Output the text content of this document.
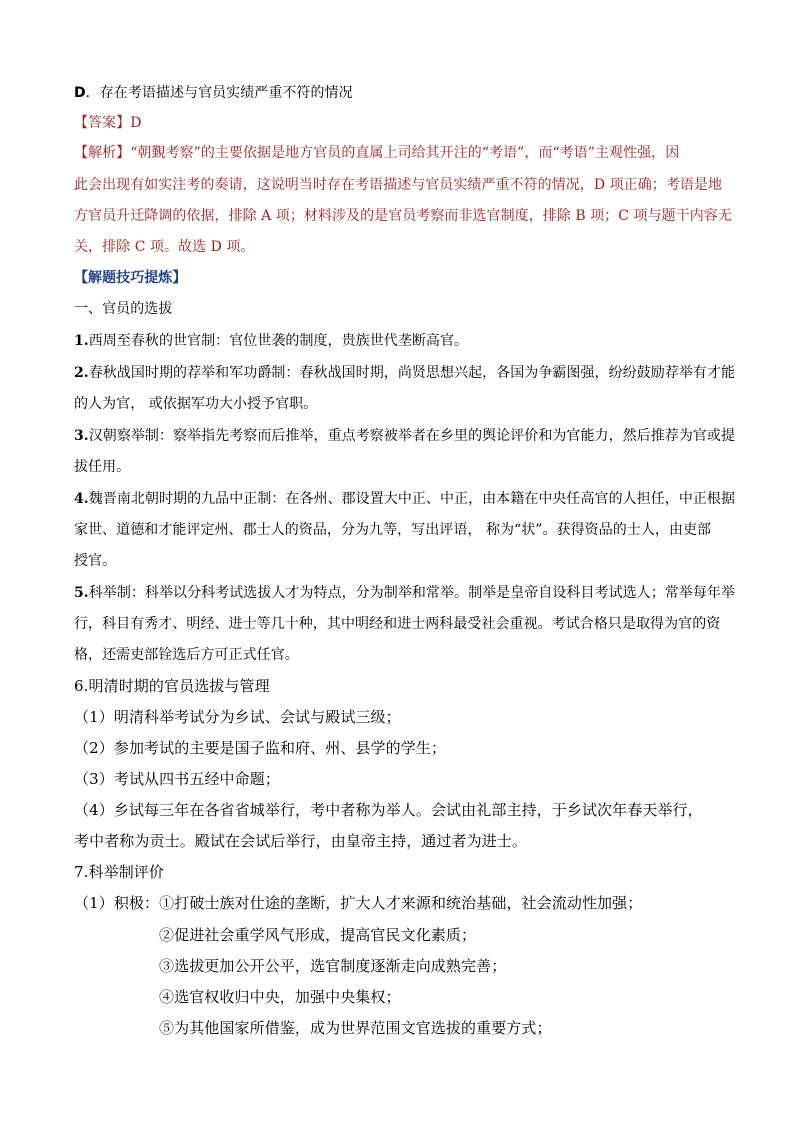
D．存在考语描述与官员实绩严重不符的情况
【答案】D
【解析】“朝覲考察”的主要依据是地方官员的直属上司给其开注的“考语”，而“考语”主观性强，因
此会出现有如实注考的奏请，这说明当时存在考语描述与官员实绩严重不符的情况，D 项正确；考语是地
方官员升迁降调的依据，排除 A 项；材料涉及的是官员考察而非选官制度，排除 B 项；C 项与题干内容无
关，排除 C 项。故选 D 项。
【解题技巧提炼】
一、官员的选拔
1.西周至春秋的世官制：官位世袭的制度，贵族世代垄断高官。
2.春秋战国时期的荐举和军功爵制：春秋战国时期，尚贤思想兴起，各国为争霸图强，纷纷鼓励荐举有才能
的人为官， 或依据军功大小授予官职。
3.汉朝察举制：察举指先考察而后推举，重点考察被举者在乡里的舆论评价和为官能力，然后推荐为官或提
拔任用。
4.魏晋南北朝时期的九品中正制：在各州、郡设置大中正、中正，由本籍在中央任高官的人担任，中正根据
家世、道德和才能评定州、郡士人的资品，分为九等，写出评语， 称为“状”。获得资品的士人，由吏部
授官。
5.科举制：科举以分科考试选拔人才为特点，分为制举和常举。制举是皇帝自设科目考试选人；常举每年举
行，科目有秀才、明经、进士等几十种，其中明经和进士两科最受社会重视。考试合格只是取得为官的资
格，还需吏部铨选后方可正式任官。
6.明清时期的官员选拔与管理
（1）明清科举考试分为乡试、会试与殿试三级；
（2）参加考试的主要是国子监和府、州、县学的学生；
（3）考试从四书五经中命题；
（4）乡试每三年在各省省城举行，考中者称为举人。会试由礼部主持，于乡试次年春天举行，
考中者称为贡士。殿试在会试后举行，由皇帝主持，通过者为进士。
7.科举制评价
（1）积极：①打破士族对仕途的垄断，扩大人才来源和统治基础，社会流动性加强；
②促进社会重学风气形成，提高官民文化素质；
③选拔更加公开公平，选官制度逐渐走向成熟完善；
④选官权收归中央，加强中央集权；
⑤为其他国家所借鉴，成为世界范围文官选拔的重要方式；
